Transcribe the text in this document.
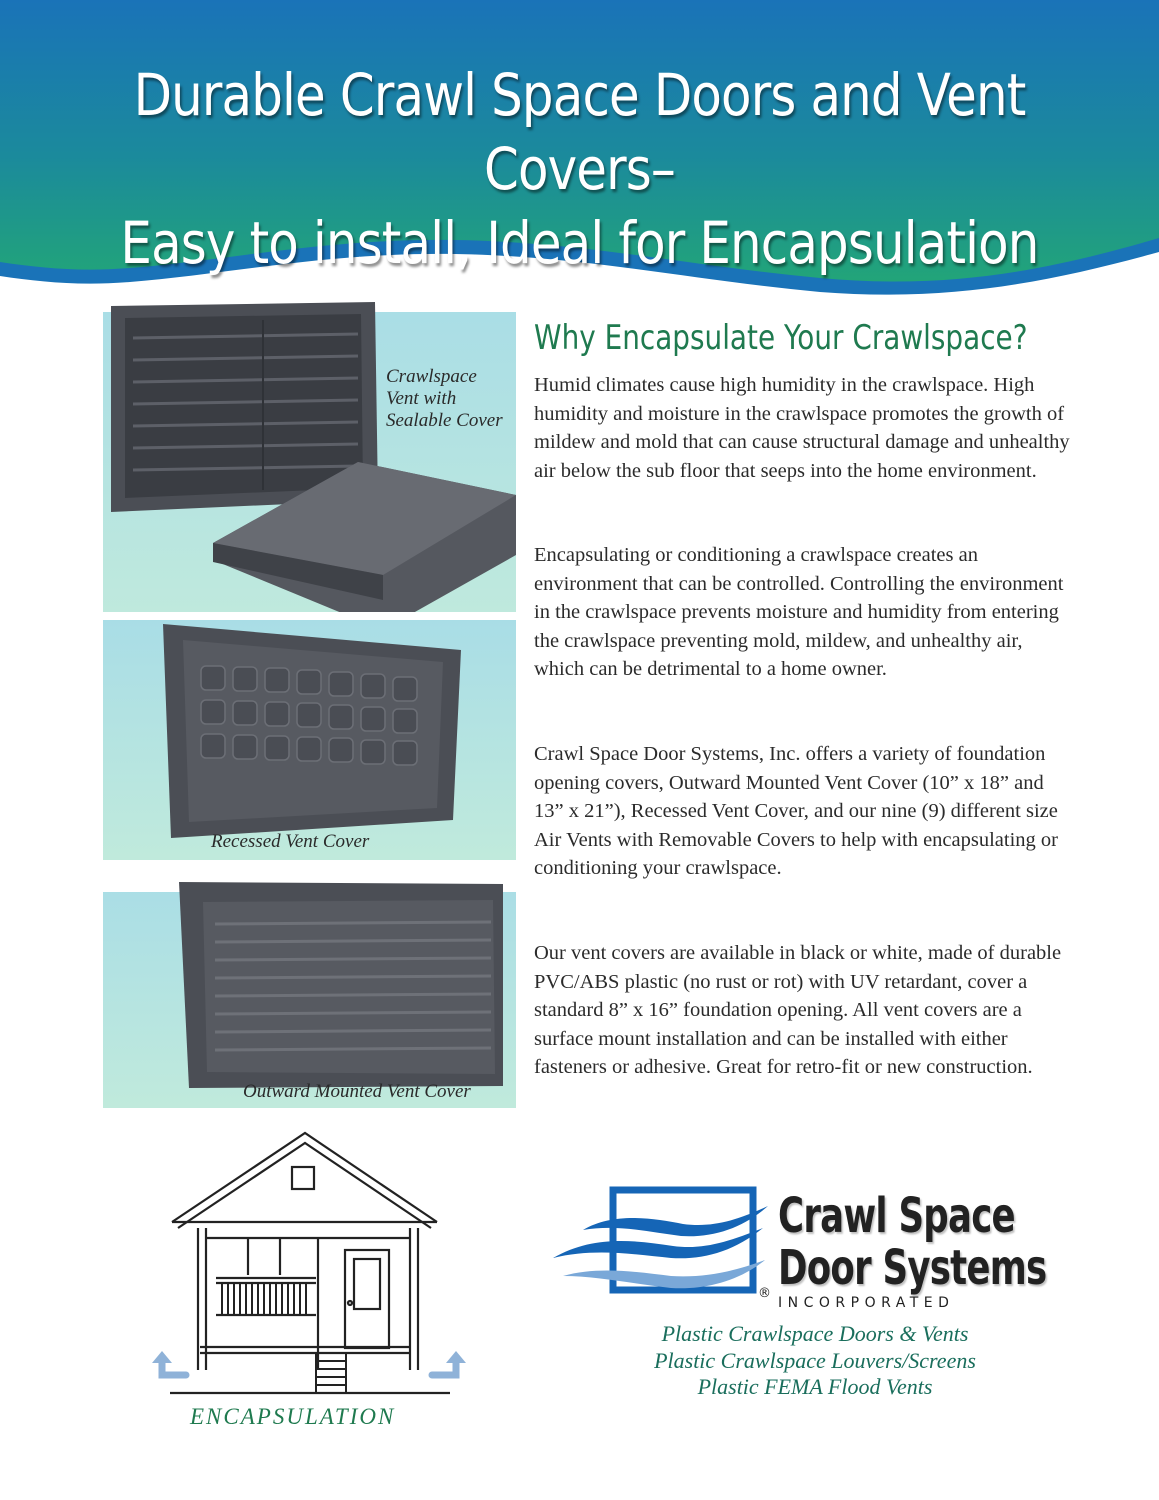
Durable Crawl Space Doors and Vent Covers–
Easy to install, Ideal for Encapsulation
Crawlspace
Vent with
Sealable Cover
Recessed Vent Cover
Outward Mounted Vent Cover
Why Encapsulate Your Crawlspace?

Humid climates cause high humidity in the crawlspace. High humidity and moisture in the crawlspace promotes the growth of mildew and mold that can cause structural damage and unhealthy air below the sub floor that seeps into the home environment.

Encapsulating or conditioning a crawlspace creates an environment that can be controlled. Controlling the environment in the crawlspace prevents moisture and humidity from entering the crawlspace preventing mold, mildew, and unhealthy air, which can be detrimental to a home owner.

Crawl Space Door Systems, Inc. offers a variety of foundation opening covers, Outward Mounted Vent Cover (10” x 18” and 13” x 21”), Recessed Vent Cover, and our nine (9) different size Air Vents with Removable Covers to help with encapsulating or conditioning your crawlspace.

Our vent covers are available in black or white, made of durable PVC/ABS plastic (no rust or rot) with UV retardant, cover a standard 8” x 16” foundation opening. All vent covers are a surface mount installation and can be installed with either fasteners or adhesive. Great for retro-fit or new construction.

ENCAPSULATION
Crawl Space
Door Systems
®
INCORPORATED
Plastic Crawlspace Doors & Vents
Plastic Crawlspace Louvers/Screens
Plastic FEMA Flood Vents
